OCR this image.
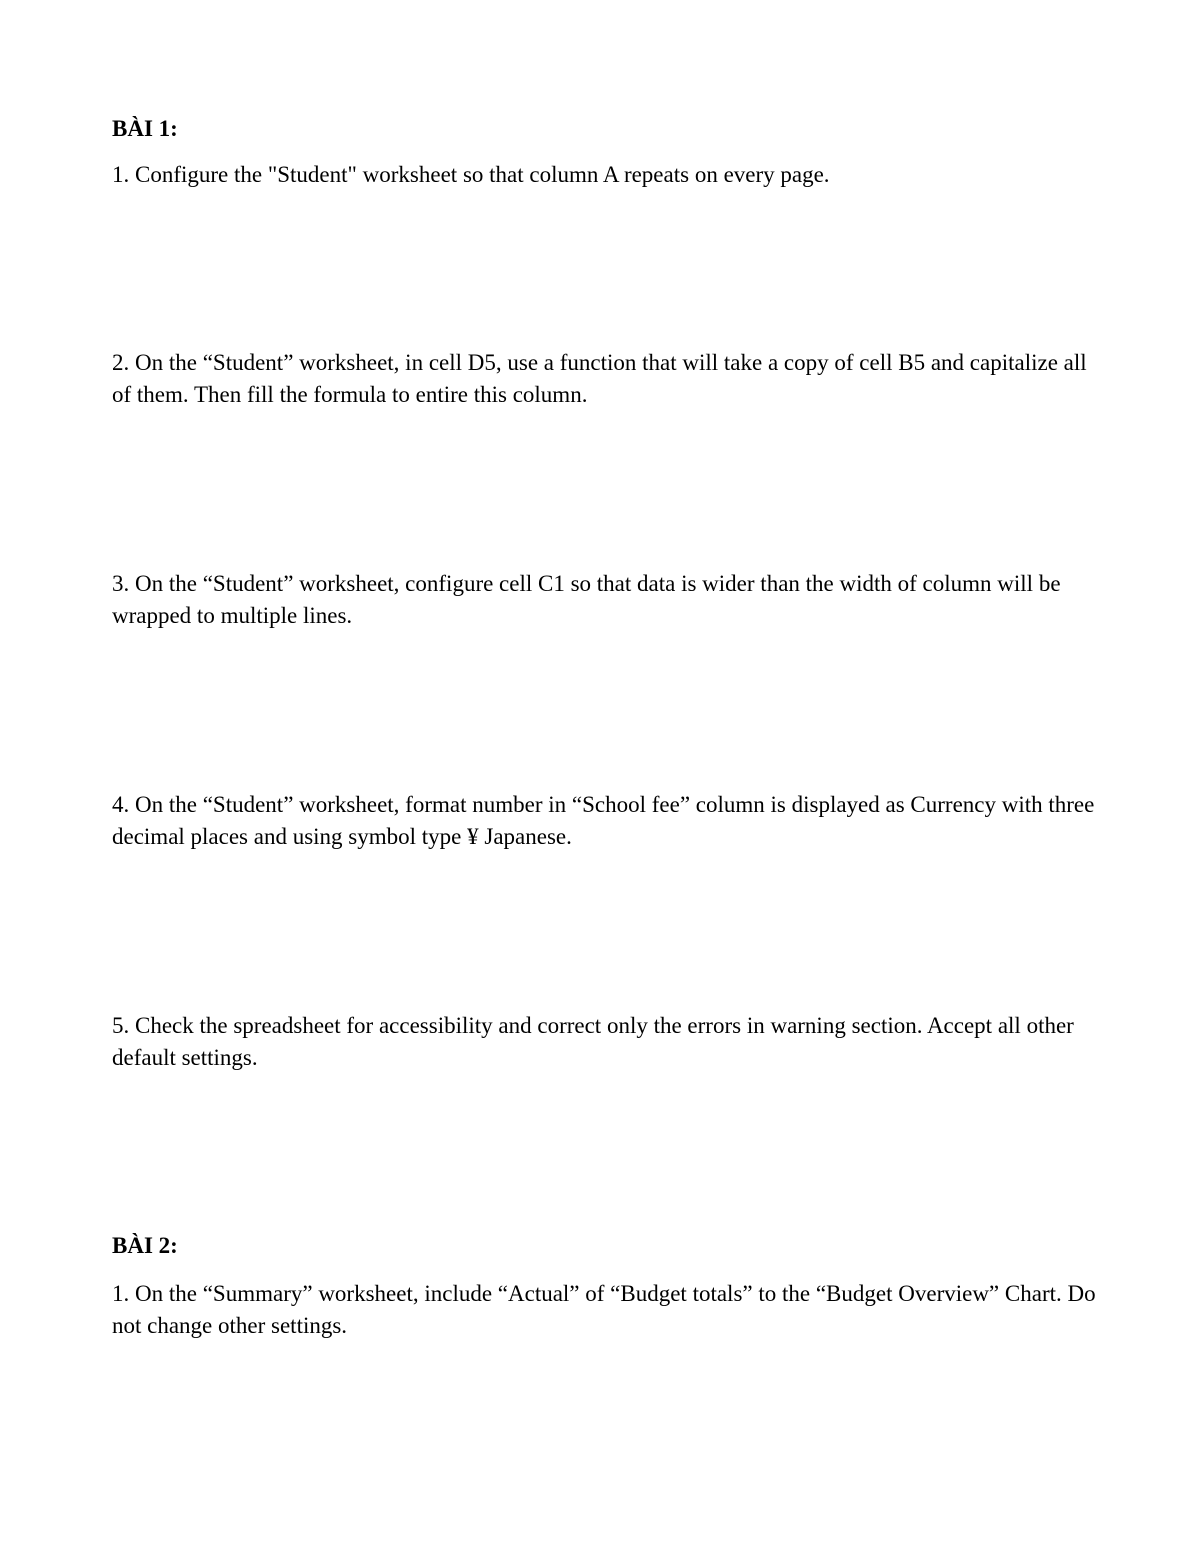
BÀI 1:

1. Configure the "Student" worksheet so that column A repeats on every page.

2. On the “Student” worksheet, in cell D5, use a function that will take a copy of cell B5 and capitalize all of them. Then fill the formula to entire this column.

3. On the “Student” worksheet, configure cell C1 so that data is wider than the width of column will be wrapped to multiple lines.

4. On the “Student” worksheet, format number in “School fee” column is displayed as Currency with three decimal places and using symbol type ¥ Japanese.

5. Check the spreadsheet for accessibility and correct only the errors in warning section. Accept all other default settings.

BÀI 2:

1. On the “Summary” worksheet, include “Actual” of “Budget totals” to the “Budget Overview” Chart. Do not change other settings.
